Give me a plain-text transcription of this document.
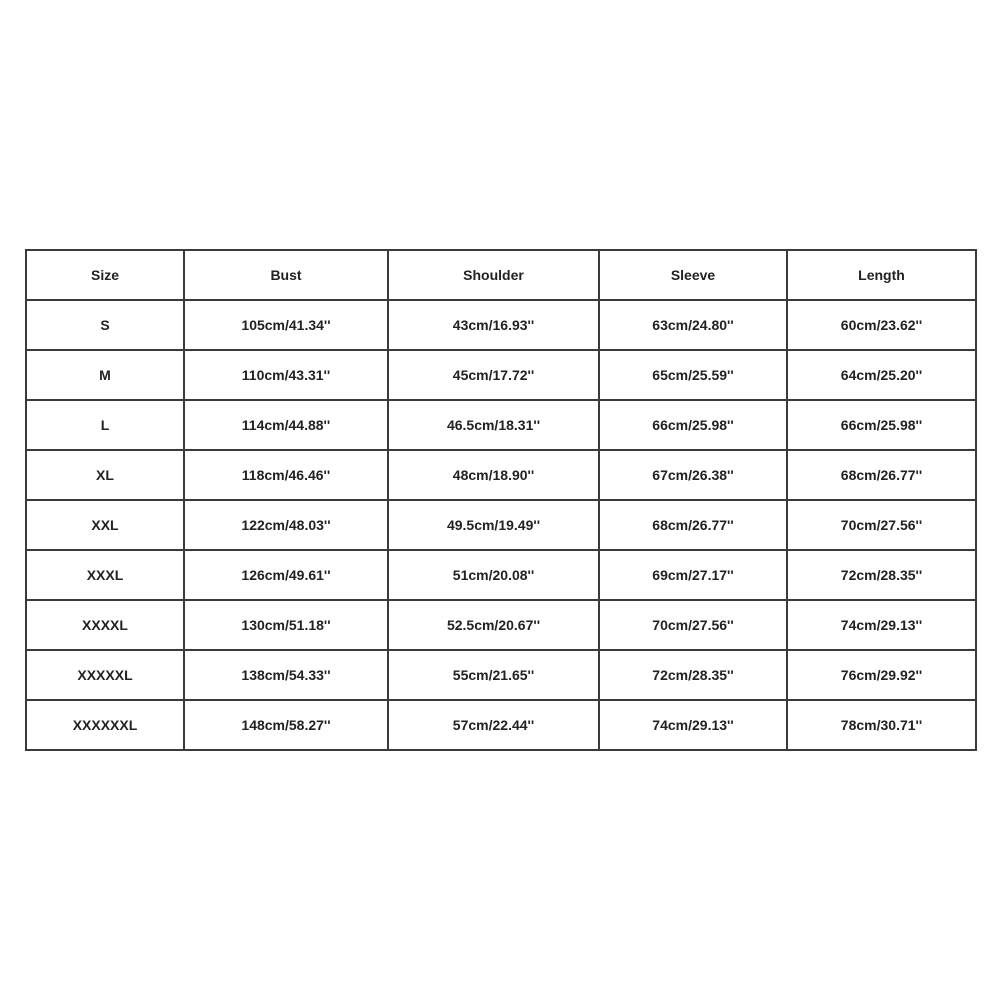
Size	Bust	Shoulder	Sleeve	Length
S	105cm/41.34''	43cm/16.93''	63cm/24.80''	60cm/23.62''
M	110cm/43.31''	45cm/17.72''	65cm/25.59''	64cm/25.20''
L	114cm/44.88''	46.5cm/18.31''	66cm/25.98''	66cm/25.98''
XL	118cm/46.46''	48cm/18.90''	67cm/26.38''	68cm/26.77''
XXL	122cm/48.03''	49.5cm/19.49''	68cm/26.77''	70cm/27.56''
XXXL	126cm/49.61''	51cm/20.08''	69cm/27.17''	72cm/28.35''
XXXXL	130cm/51.18''	52.5cm/20.67''	70cm/27.56''	74cm/29.13''
XXXXXL	138cm/54.33''	55cm/21.65''	72cm/28.35''	76cm/29.92''
XXXXXXL	148cm/58.27''	57cm/22.44''	74cm/29.13''	78cm/30.71''
